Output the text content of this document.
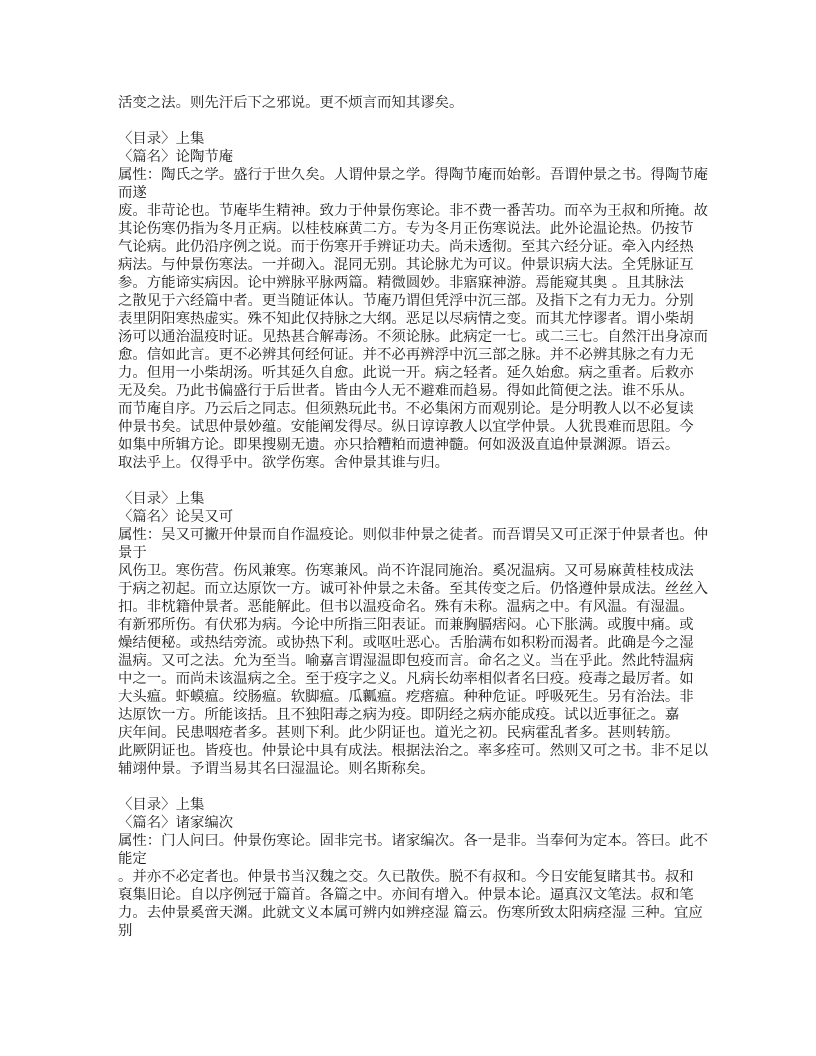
活变之法。则先汗后下之邪说。更不烦言而知其谬矣。
〈目录〉上集
〈篇名〉论陶节庵
属性：陶氏之学。盛行于世久矣。人谓仲景之学。得陶节庵而始彰。吾谓仲景之书。得陶节庵
而遂
废。非苛论也。节庵毕生精神。致力于仲景伤寒论。非不费一番苦功。而卒为王叔和所掩。故
其论伤寒仍指为冬月正病。以桂枝麻黄二方。专为冬月正伤寒说法。此外论温论热。仍按节
气论病。此仍沿序例之说。而于伤寒开手辨证功夫。尚未透彻。至其六经分证。牵入内经热
病法。与仲景伤寒法。一并砌入。混同无别。其论脉尤为可议。仲景识病大法。全凭脉证互
参。方能谛实病因。论中辨脉平脉两篇。精微圆妙。非寤寐神游。焉能窥其奥 。且其脉法
之散见于六经篇中者。更当随证体认。节庵乃谓但凭浮中沉三部。及指下之有力无力。分别
表里阴阳寒热虚实。殊不知此仅持脉之大纲。恶足以尽病情之变。而其尤悖谬者。谓小柴胡
汤可以通治温疫时证。见热甚合解毒汤。不须论脉。此病定一七。或二三七。自然汗出身凉而
愈。信如此言。更不必辨其何经何证。并不必再辨浮中沉三部之脉。并不必辨其脉之有力无
力。但用一小柴胡汤。听其延久自愈。此说一开。病之轻者。延久始愈。病之重者。后救亦
无及矣。乃此书偏盛行于后世者。皆由今人无不避难而趋易。得如此简便之法。谁不乐从。
而节庵自序。乃云后之同志。但须熟玩此书。不必集闲方而观别论。是分明教人以不必复读
仲景书矣。试思仲景妙蕴。安能阐发得尽。纵日谆谆教人以宜学仲景。人犹畏难而思阻。今
如集中所辑方论。即果搜剔无遗。亦只拾糟粕而遗神髓。何如汲汲直追仲景渊源。语云。
取法乎上。仅得乎中。欲学伤寒。舍仲景其谁与归。
〈目录〉上集
〈篇名〉论吴又可
属性：吴又可撇开仲景而自作温疫论。则似非仲景之徒者。而吾谓吴又可正深于仲景者也。仲
景于
风伤卫。寒伤营。伤风兼寒。伤寒兼风。尚不许混同施治。奚况温病。又可易麻黄桂枝成法
于病之初起。而立达原饮一方。诚可补仲景之未备。至其传变之后。仍恪遵仲景成法。丝丝入
扣。非枕籍仲景者。恶能解此。但书以温疫命名。殊有未称。温病之中。有风温。有湿温。
有新邪所伤。有伏邪为病。今论中所指三阳表证。而兼胸膈痞闷。心下胀满。或腹中痛。或
燥结便秘。或热结旁流。或协热下利。或呕吐恶心。舌胎满布如积粉而渴者。此确是今之湿
温病。又可之法。允为至当。喻嘉言谓湿温即包疫而言。命名之义。当在乎此。然此特温病
中之一。而尚未该温病之全。至于疫字之义。凡病长幼率相似者名曰疫。疫毒之最厉者。如
大头瘟。虾蟆瘟。绞肠瘟。软脚瘟。瓜瓤瘟。疙瘩瘟。种种危证。呼吸死生。另有治法。非
达原饮一方。所能该括。且不独阳毒之病为疫。即阴经之病亦能成疫。试以近事征之。嘉
庆年间。民患咽疮者多。甚则下利。此少阴证也。道光之初。民病霍乱者多。甚则转筋。
此厥阴证也。皆疫也。仲景论中具有成法。根据法治之。率多痊可。然则又可之书。非不足以
辅翊仲景。予谓当易其名曰湿温论。则名斯称矣。
〈目录〉上集
〈篇名〉诸家编次
属性：门人问曰。仲景伤寒论。固非完书。诸家编次。各一是非。当奉何为定本。答曰。此不
能定
。并亦不必定者也。仲景书当汉魏之交。久已散佚。脱不有叔和。今日安能复睹其书。叔和
裒集旧论。自以序例冠于篇首。各篇之中。亦间有增入。仲景本论。逼真汉文笔法。叔和笔
力。去仲景奚啻天渊。此就文义本属可辨内如辨痉湿 篇云。伤寒所致太阳病痉湿 三种。宜应
别
